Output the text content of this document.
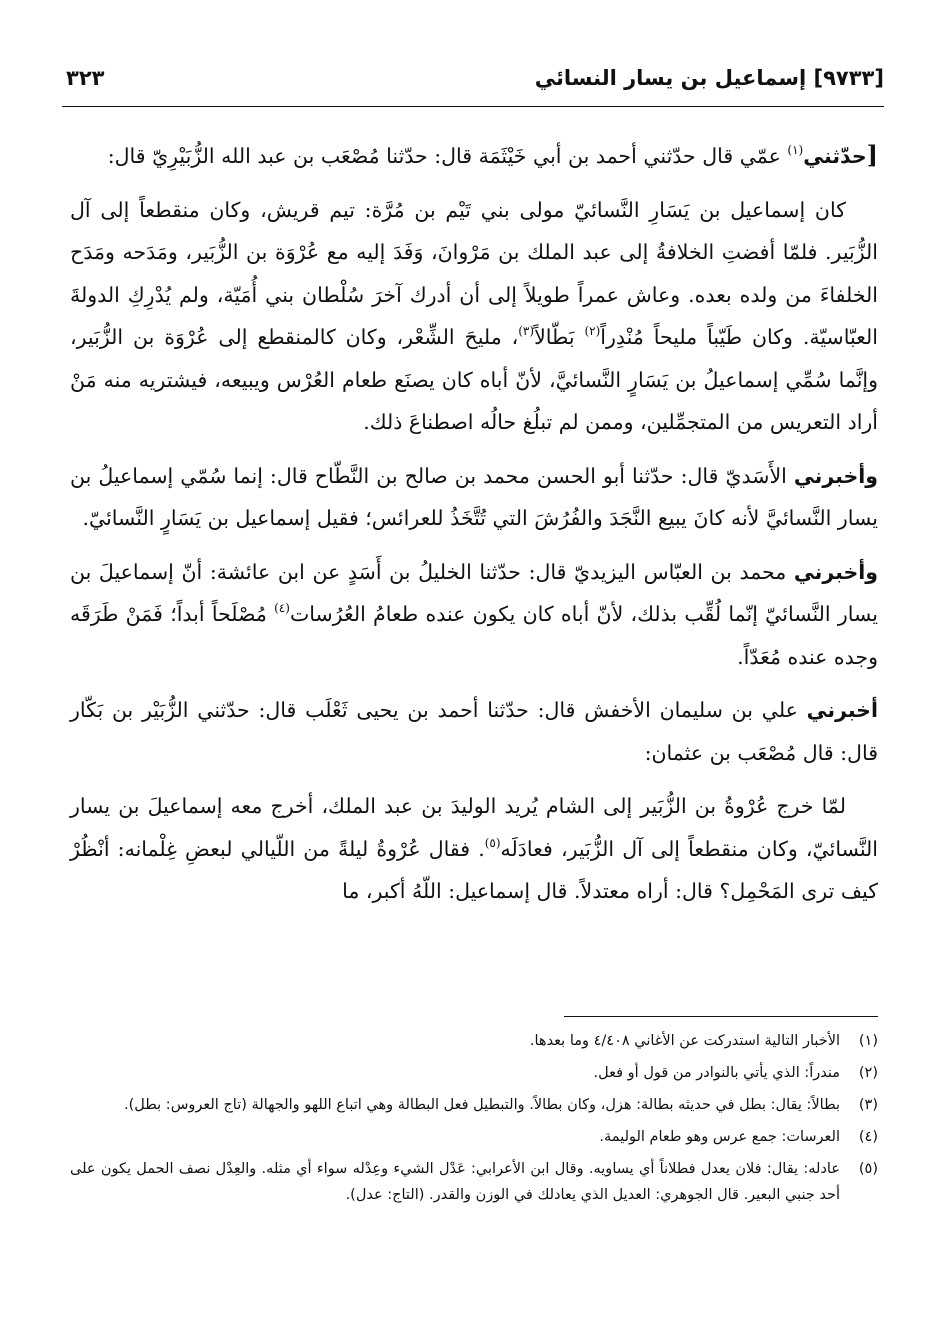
[٩٧٣٣] إسماعيل بن يسار النسائي
٣٢٣

[حدّثني$^{(١)}$ عمّي قال حدّثني أحمد بن أبي خَيْثَمَة قال: حدّثنا مُصْعَب بن عبد الله الزُّبَيْرِيّ قال:

كان إسماعيل بن يَسَارِ النَّسائيّ مولى بني تَيْم بن مُرَّة: تيم قريش، وكان منقطعاً إلى آل الزُّبَير. فلمّا أفضتِ الخلافةُ إلى عبد الملك بن مَرْوانَ، وَفَدَ إليه مع عُرْوَة بن الزُّبَير، ومَدَحه ومَدَح الخلفاءَ من ولده بعده. وعاش عمراً طويلاً إلى أن أدرك آخرَ سُلْطان بني أُمَيّة، ولم يُدْرِكِ الدولةَ العبّاسيّة. وكان طَيّباً مليحاً مُنْدِراً$^{(٢)}$ بَطّالاً$^{(٣)}$، مليحَ الشِّعْر، وكان كالمنقطع إلى عُرْوَة بن الزُّبَير، وإنَّما سُمِّي إسماعيلُ بن يَسَارٍ النَّسائيَّ، لأنّ أباه كان يصنَع طعام العُرْس ويبيعه، فيشتريه منه مَنْ أراد التعريس من المتجمِّلين، وممن لم تبلُغ حالُه اصطناعَ ذلك.

وأخبرني الأَسَديّ قال: حدّثنا أبو الحسن محمد بن صالح بن النَّطّاح قال: إنما سُمّي إسماعيلُ بن يسار النَّسائيَّ لأنه كانَ يبيع النَّجَدَ والفُرُشَ التي تُتَّخَذُ للعرائس؛ فقيل إسماعيل بن يَسَارٍ النَّسائيّ.

وأخبرني محمد بن العبّاس اليزيديّ قال: حدّثنا الخليلُ بن أَسَدٍ عن ابن عائشة: أنّ إسماعيلَ بن يسار النَّسائيّ إنّما لُقِّب بذلك، لأنّ أباه كان يكون عنده طعامُ العُرُسات$^{(٤)}$ مُصْلَحاً أبداً؛ فَمَنْ طَرَقَه وجده عنده مُعَدّاً.

أخبرني علي بن سليمان الأخفش قال: حدّثنا أحمد بن يحيى ثَعْلَب قال: حدّثني الزُّبَيْر بن بَكّار قال: قال مُصْعَب بن عثمان:

لمّا خرج عُرْوةُ بن الزُّبَير إلى الشام يُريد الوليدَ بن عبد الملك، أخرج معه إسماعيلَ بن يسار النَّسائيّ، وكان منقطعاً إلى آل الزُّبَير، فعادَلَه$^{(٥)}$. فقال عُرْوةُ ليلةً من اللّيالي لبعضِ غِلْمانه: أنْظُرْ كيف ترى المَحْمِل؟ قال: أراه معتدلاً. قال إسماعيل: اللّهُ أكبر، ما

(١)
الأخبار التالية استدركت عن الأغاني ٤/٤٠٨ وما بعدها.
(٢)
مندراً: الذي يأتي بالنوادر من قول أو فعل.
(٣)
بطالاً: يقال: بطل في حديثه بطالة: هزل، وكان بطالاً. والتبطيل فعل البطالة وهي اتباع اللهو والجهالة (تاج العروس: بطل).
(٤)
العرسات: جمع عرس وهو طعام الوليمة.
(٥)
عادله: يقال: فلان يعدل فطلاناً أي يساويه. وقال ابن الأعرابي: عَدْل الشيء وعِدْله سواء أي مثله. والعِدْل نصف الحمل يكون على أحد جنبي البعير. قال الجوهري: العديل الذي يعادلك في الوزن والقدر. (التاج: عدل).
